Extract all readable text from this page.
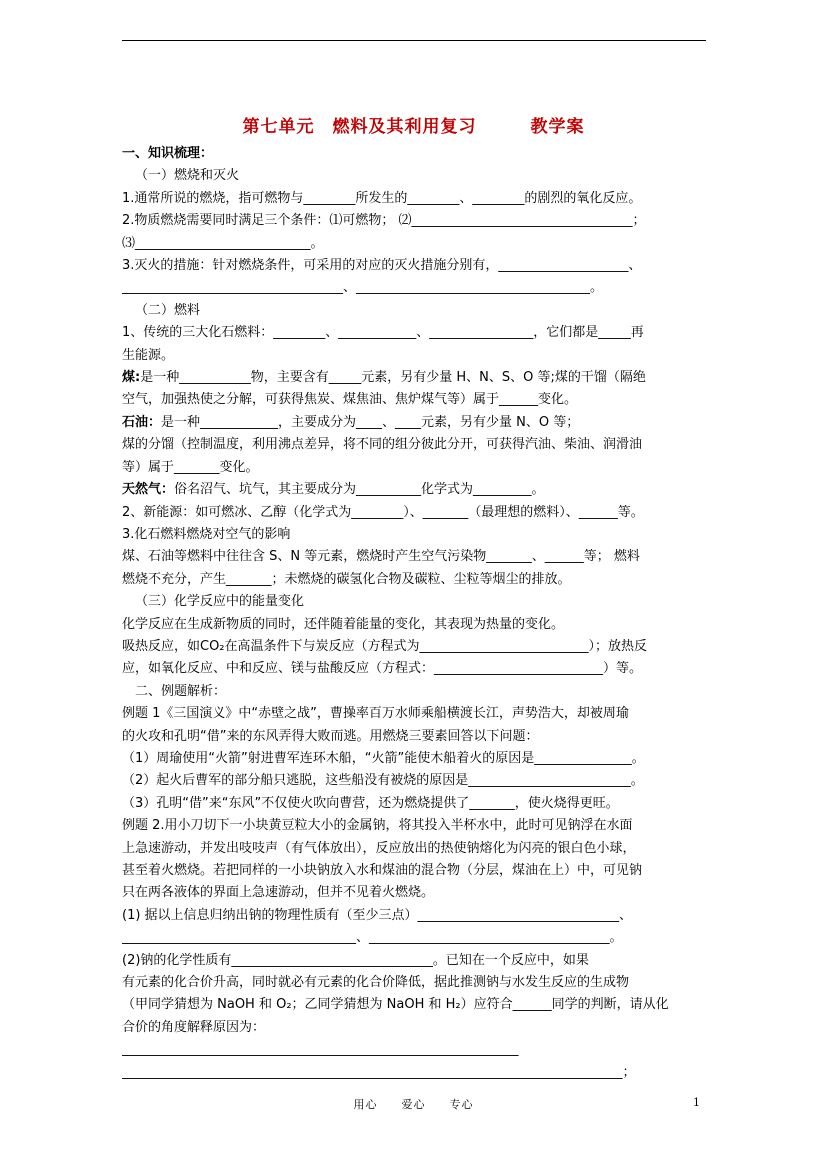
第七单元　燃料及其利用复习　　　教学案

一、知识梳理：

（一）燃烧和灭火

1.通常所说的燃烧，指可燃物与________所发生的________、________的剧烈的氧化反应。

2.物质燃烧需要同时满足三个条件：⑴可燃物； ⑵__________________________________；

⑶___________________________。

3.灭火的措施：针对燃烧条件，可采用的对应的灭火措施分别有，____________________、

__________________________________、____________________________________。

（二）燃料

1、传统的三大化石燃料：________、____________、________________，它们都是_____再

生能源。

煤:是一种___________物，主要含有_____元素，另有少量 H、N、S、O 等;煤的干馏（隔绝

空气，加强热使之分解，可获得焦炭、煤焦油、焦炉煤气等）属于______变化。

石油：是一种____________，主要成分为____、____元素，另有少量 N、O 等；

煤的分馏（控制温度，利用沸点差异，将不同的组分彼此分开，可获得汽油、柴油、润滑油

等）属于_______变化。

天然气：俗名沼气、坑气，其主要成分为__________化学式为_________。

2、新能源：如可燃冰、乙醇（化学式为________）、_______（最理想的燃料）、______等。

3.化石燃料燃烧对空气的影响

煤、石油等燃料中往往含 S、N 等元素，燃烧时产生空气污染物_______、______等； 燃料

燃烧不充分，产生_______；未燃烧的碳氢化合物及碳粒、尘粒等烟尘的排放。

（三）化学反应中的能量变化

化学反应在生成新物质的同时，还伴随着能量的变化，其表现为热量的变化。

吸热反应，如CO₂在高温条件下与炭反应（方程式为__________________________）；放热反

应，如氧化反应、中和反应、镁与盐酸反应（方程式：__________________________）等。

二、例题解析：

例题 1《三国演义》中“赤壁之战”，曹操率百万水师乘船横渡长江，声势浩大，却被周瑜

的火攻和孔明“借”来的东风弄得大败而逃。用燃烧三要素回答以下问题：

（1）周瑜使用“火箭”射进曹军连环木船，“火箭”能使木船着火的原因是_______________。

（2）起火后曹军的部分船只逃脱，这些船没有被烧的原因是_________________________。

（3）孔明“借”来“东风”不仅使火吹向曹营，还为燃烧提供了_______，使火烧得更旺。

例题 2.用小刀切下一小块黄豆粒大小的金属钠，将其投入半杯水中，此时可见钠浮在水面

上急速游动，并发出吱吱声（有气体放出），反应放出的热使钠熔化为闪亮的银白色小球，

甚至着火燃烧。若把同样的一小块钠放入水和煤油的混合物（分层，煤油在上）中，可见钠

只在两各液体的界面上急速游动，但并不见着火燃烧。

(1) 据以上信息归纳出钠的物理性质有（至少三点）_______________________________、

____________________________________、_____________________________________。

(2)钠的化学性质有_______________________________。已知在一个反应中，如果

有元素的化合价升高，同时就必有元素的化合价降低，据此推测钠与水发生反应的生成物

（甲同学猜想为 NaOH 和 O₂；乙同学猜想为 NaOH 和 H₂）应符合______同学的判断，请从化

合价的角度解释原因为：

_____________________________________________________________

_____________________________________________________________________________；

用心　　爱心　　专心	1
